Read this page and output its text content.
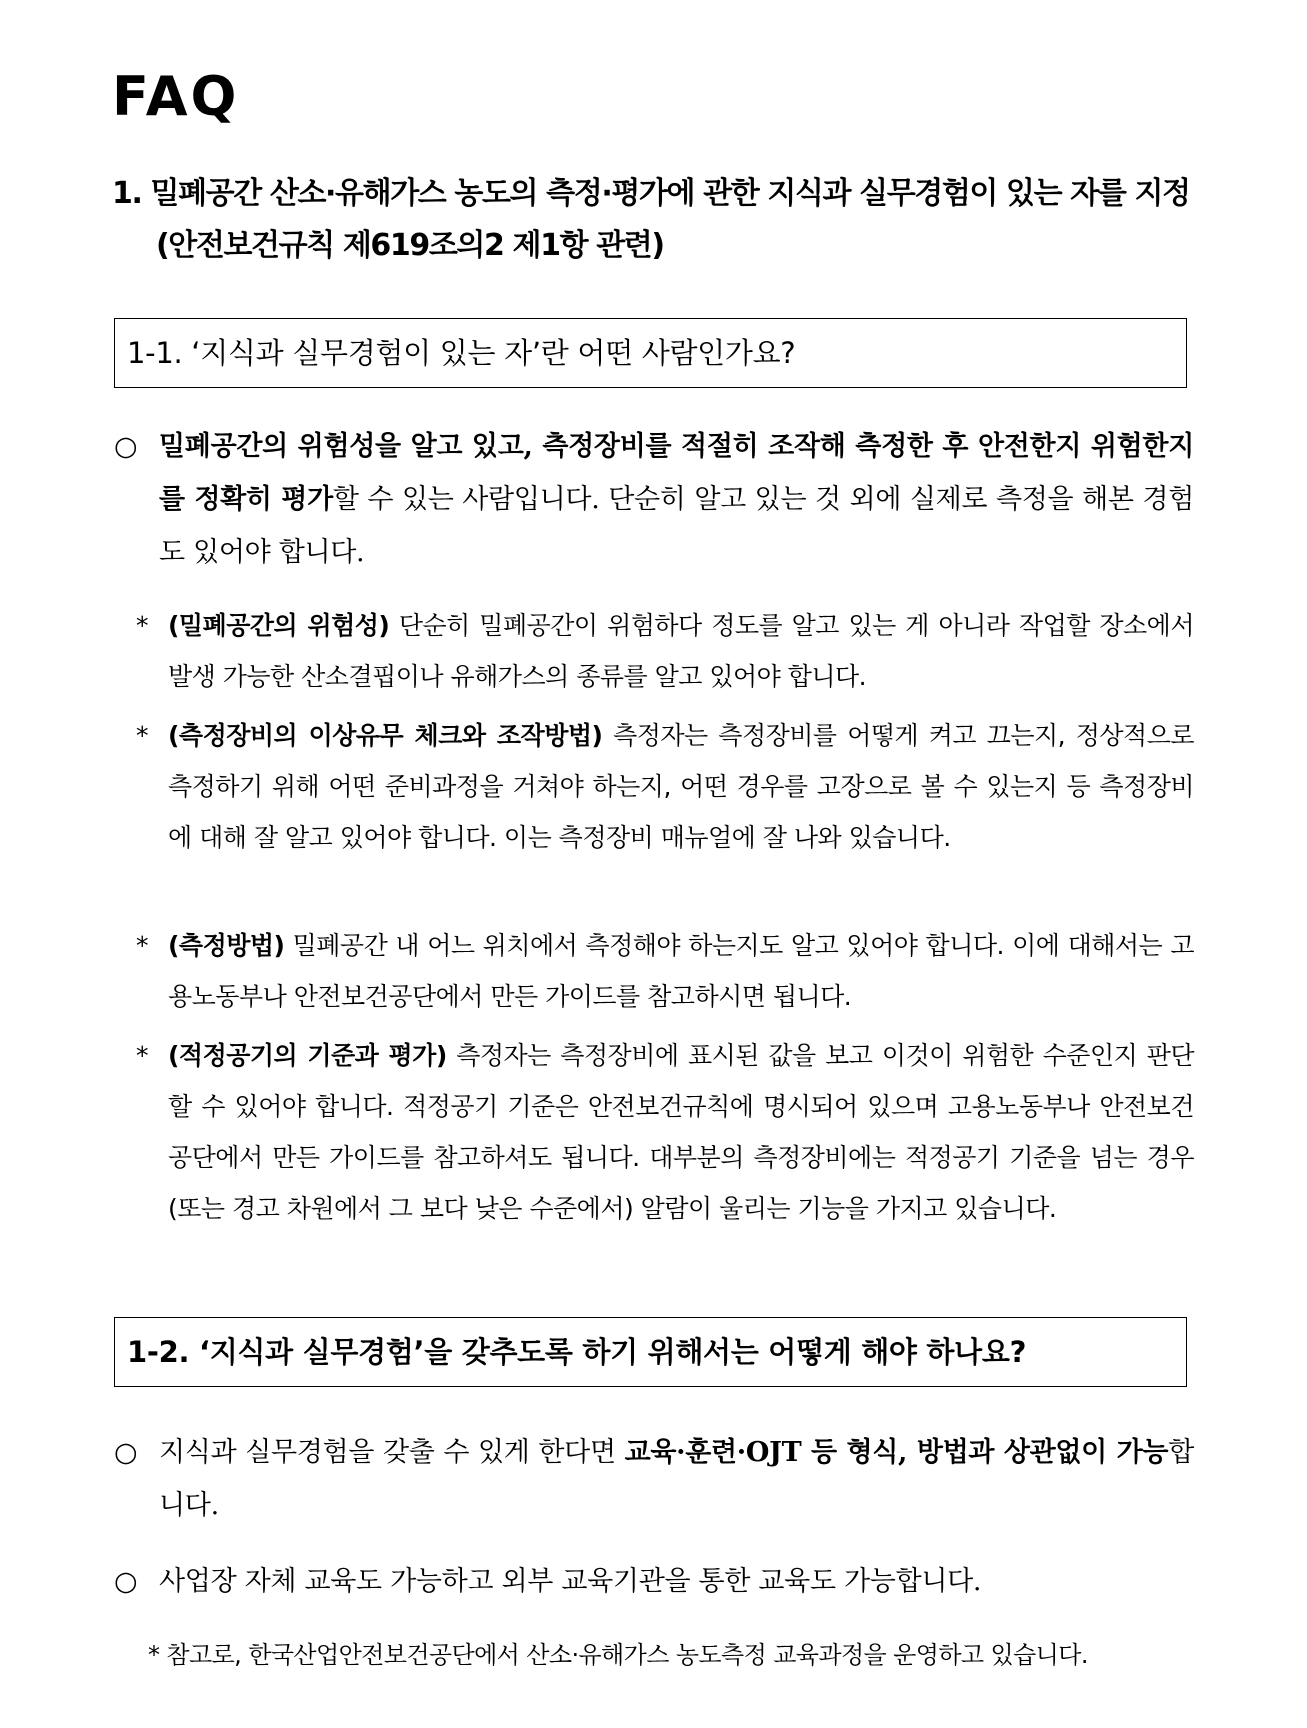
FAQ
1. 밀폐공간 산소·유해가스 농도의 측정·평가에 관한 지식과 실무경험이 있는 자를 지정
(안전보건규칙 제619조의2 제1항 관련)
1-1. ‘지식과 실무경험이 있는 자’란 어떤 사람인가요?
○ 밀폐공간의 위험성을 알고 있고, 측정장비를 적절히 조작해 측정한 후 안전한지 위험한지를 정확히 평가할 수 있는 사람입니다. 단순히 알고 있는 것 외에 실제로 측정을 해본 경험도 있어야 합니다.
* (밀폐공간의 위험성) 단순히 밀폐공간이 위험하다 정도를 알고 있는 게 아니라 작업할 장소에서 발생 가능한 산소결핍이나 유해가스의 종류를 알고 있어야 합니다.
* (측정장비의 이상유무 체크와 조작방법) 측정자는 측정장비를 어떻게 켜고 끄는지, 정상적으로 측정하기 위해 어떤 준비과정을 거쳐야 하는지, 어떤 경우를 고장으로 볼 수 있는지 등 측정장비에 대해 잘 알고 있어야 합니다. 이는 측정장비 매뉴얼에 잘 나와 있습니다.
* (측정방법) 밀폐공간 내 어느 위치에서 측정해야 하는지도 알고 있어야 합니다. 이에 대해서는 고용노동부나 안전보건공단에서 만든 가이드를 참고하시면 됩니다.
* (적정공기의 기준과 평가) 측정자는 측정장비에 표시된 값을 보고 이것이 위험한 수준인지 판단할 수 있어야 합니다. 적정공기 기준은 안전보건규칙에 명시되어 있으며 고용노동부나 안전보건공단에서 만든 가이드를 참고하셔도 됩니다. 대부분의 측정장비에는 적정공기 기준을 넘는 경우(또는 경고 차원에서 그 보다 낮은 수준에서) 알람이 울리는 기능을 가지고 있습니다.
1-2. ‘지식과 실무경험’을 갖추도록 하기 위해서는 어떻게 해야 하나요?
○ 지식과 실무경험을 갖출 수 있게 한다면 교육·훈련·OJT 등 형식, 방법과 상관없이 가능합니다.
○ 사업장 자체 교육도 가능하고 외부 교육기관을 통한 교육도 가능합니다.
* 참고로, 한국산업안전보건공단에서 산소·유해가스 농도측정 교육과정을 운영하고 있습니다.
